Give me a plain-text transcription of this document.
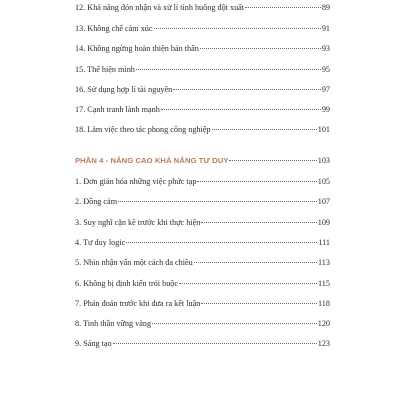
12. Khả năng đón nhận và xử lí tình huống đột xuất	89
13. Không chế cảm xúc	91
14. Không ngừng hoàn thiện bản thân	93
15. Thể hiện mình	95
16. Sử dụng hợp lí tài nguyên	97
17. Cạnh tranh lành mạnh	99
18. Làm việc theo tác phong công nghiệp	101
PHẦN 4 - NÂNG CAO KHẢ NĂNG TƯ DUY	103
1. Đơn giản hóa những việc phức tạp	105
2. Đồng cảm	107
3. Suy nghĩ cặn kẽ trước khi thực hiện	109
4. Tư duy logic	111
5. Nhìn nhận vấn một cách đa chiều	113
6. Không bị định kiến trói buộc	115
7. Phán đoán trước khi đưa ra kết luận	118
8. Tinh thần vững vàng	120
9. Sáng tạo	123
